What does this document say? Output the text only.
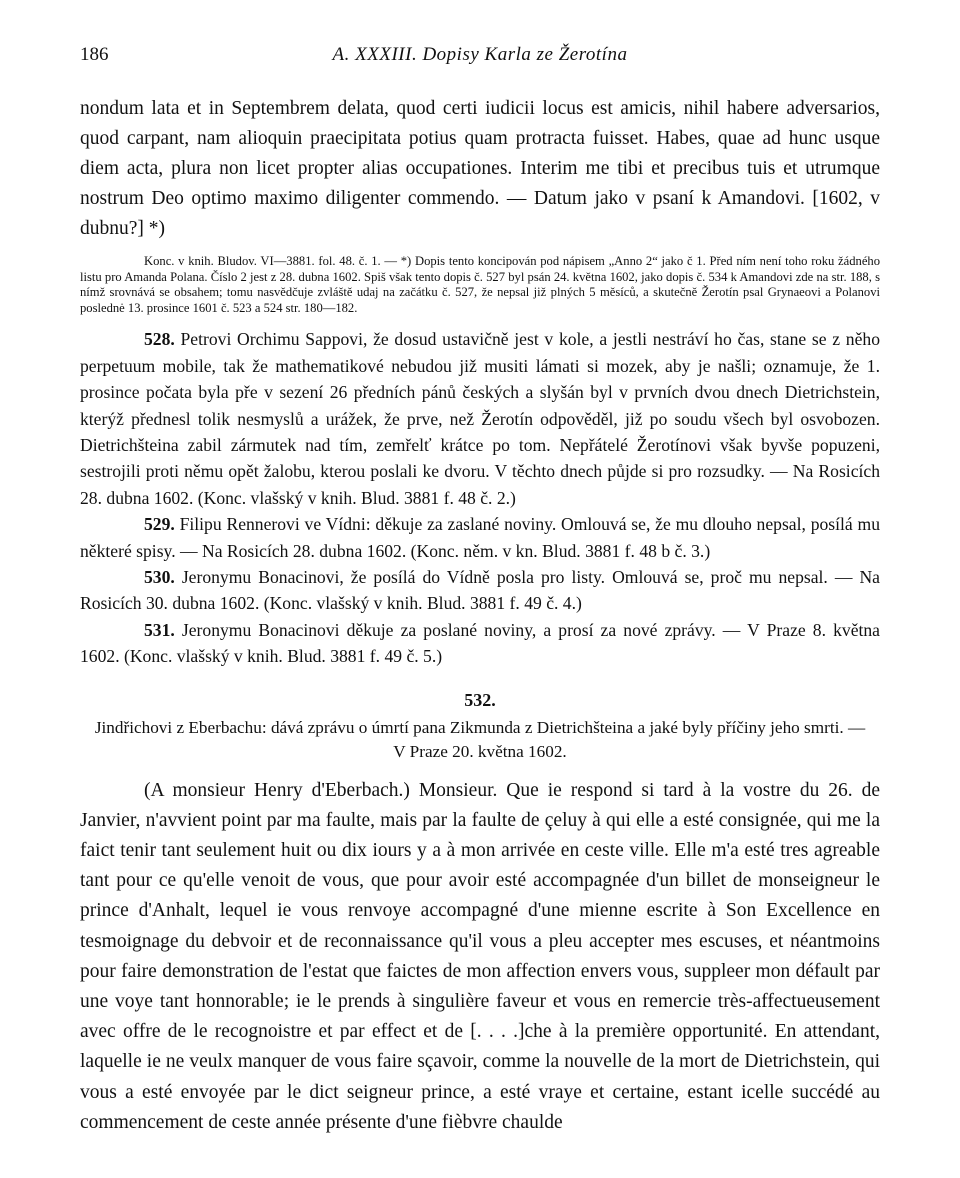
186	A. XXXIII. Dopisy Karla ze Žerotína

nondum lata et in Septembrem delata, quod certi iudicii locus est amicis, nihil habere adversarios, quod carpant, nam alioquin praecipitata potius quam protracta fuisset. Habes, quae ad hunc usque diem acta, plura non licet propter alias occupationes. Interim me tibi et precibus tuis et utrumque nostrum Deo optimo maximo diligenter commendo. — Datum jako v psaní k Amandovi. [1602, v dubnu?] *)

Konc. v knih. Bludov. VI—3881. fol. 48. č. 1. — *) Dopis tento koncipován pod nápisem „Anno 2“ jako č 1. Před ním není toho roku žádného listu pro Amanda Polana. Číslo 2 jest z 28. dubna 1602. Spiš však tento dopis č. 527 byl psán 24. května 1602, jako dopis č. 534 k Amandovi zde na str. 188, s nímž srovnává se obsahem; tomu nasvědčuje zvláště udaj na začátku č. 527, že nepsal již plných 5 měsíců, a skutečně Žerotín psal Grynaeovi a Polanovi poslednė 13. prosince 1601 č. 523 a 524 str. 180—182.

528. Petrovi Orchimu Sappovi, že dosud ustavičně jest v kole, a jestli nestráví ho čas, stane se z něho perpetuum mobile, tak že mathematikové nebudou již musiti lámati si mozek, aby je našli; oznamuje, že 1. prosince počata byla pře v sezení 26 předních pánů českých a slyšán byl v prvních dvou dnech Dietrichstein, kterýž přednesl tolik nesmyslů a urážek, že prve, než Žerotín odpověděl, již po soudu všech byl osvobozen. Dietrichšteina zabil zármutek nad tím, zemřelť krátce po tom. Nepřátelé Žerotínovi však byvše popuzeni, sestrojili proti němu opět žalobu, kterou poslali ke dvoru. V těchto dnech půjde si pro rozsudky. — Na Rosicích 28. dubna 1602. (Konc. vlašský v knih. Blud. 3881 f. 48 č. 2.)

529. Filipu Rennerovi ve Vídni: děkuje za zaslané noviny. Omlouvá se, že mu dlouho nepsal, posílá mu některé spisy. — Na Rosicích 28. dubna 1602. (Konc. něm. v kn. Blud. 3881 f. 48 b č. 3.)

530. Jeronymu Bonacinovi, že posílá do Vídně posla pro listy. Omlouvá se, proč mu nepsal. — Na Rosicích 30. dubna 1602. (Konc. vlašský v knih. Blud. 3881 f. 49 č. 4.)

531. Jeronymu Bonacinovi děkuje za poslané noviny, a prosí za nové zprávy. — V Praze 8. května 1602. (Konc. vlašský v knih. Blud. 3881 f. 49 č. 5.)

532.
Jindřichovi z Eberbachu: dává zprávu o úmrtí pana Zikmunda z Dietrichšteina a jaké byly příčiny jeho smrti. — V Praze 20. května 1602.

(A monsieur Henry d'Eberbach.) Monsieur. Que ie respond si tard à la vostre du 26. de Janvier, n'avvient point par ma faulte, mais par la faulte de çeluy à qui elle a esté consignée, qui me la faict tenir tant seulement huit ou dix iours y a à mon arrivée en ceste ville. Elle m'a esté tres agreable tant pour ce qu'elle venoit de vous, que pour avoir esté accompagnée d'un billet de monseigneur le prince d'Anhalt, lequel ie vous renvoye accompagné d'une mienne escrite à Son Excellence en tesmoignage du debvoir et de reconnaissance qu'il vous a pleu accepter mes escuses, et néantmoins pour faire demonstration de l'estat que faictes de mon affection envers vous, suppleer mon défault par une voye tant honnorable; ie le prends à singulière faveur et vous en remercie très-affectueusement avec offre de le recognoistre et par effect et de [. . . .]che à la première opportunité. En attendant, laquelle ie ne veulx manquer de vous faire sçavoir, comme la nouvelle de la mort de Dietrichstein, qui vous a esté envoyée par le dict seigneur prince, a esté vraye et certaine, estant icelle succédé au commencement de ceste année présente d'une fièbvre chaulde
